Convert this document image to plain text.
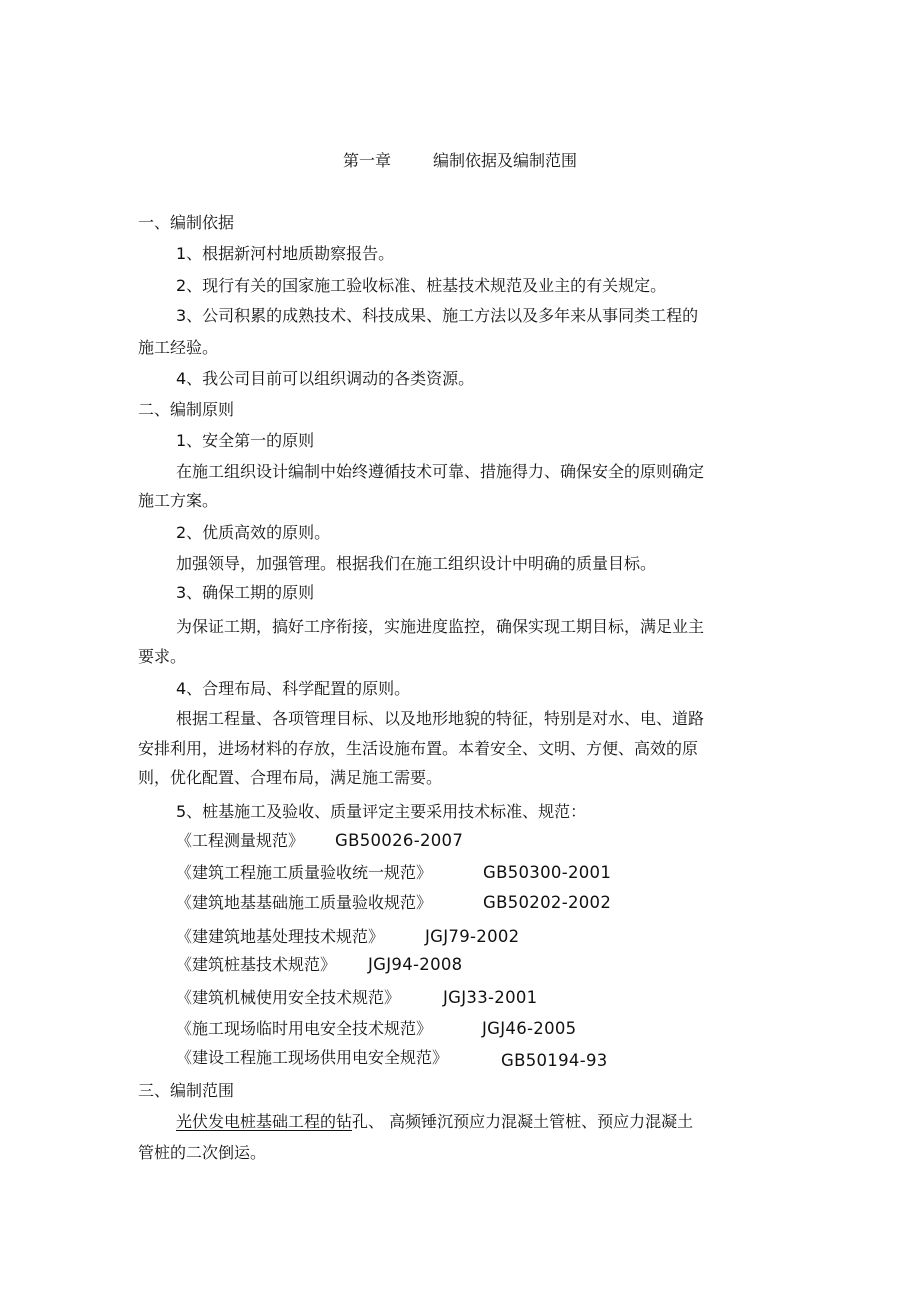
第一章	编制依据及编制范围
一、编制依据
1、根据新河村地质勘察报告。
2、现行有关的国家施工验收标准、桩基技术规范及业主的有关规定。
3、公司积累的成熟技术、科技成果、施工方法以及多年来从事同类工程的
施工经验。
4、我公司目前可以组织调动的各类资源。
二、编制原则
1、安全第一的原则
在施工组织设计编制中始终遵循技术可靠、措施得力、确保安全的原则确定
施工方案。
2、优质高效的原则。
加强领导，加强管理。根据我们在施工组织设计中明确的质量目标。
3、确保工期的原则
为保证工期，搞好工序衔接，实施进度监控，确保实现工期目标，满足业主
要求。
4、合理布局、科学配置的原则。
根据工程量、各项管理目标、以及地形地貌的特征，特别是对水、电、道路
安排利用，进场材料的存放，生活设施布置。本着安全、文明、方便、高效的原
则，优化配置、合理布局，满足施工需要。
5、桩基施工及验收、质量评定主要采用技术标准、规范：
《工程测量规范》 GB50026-2007
《建筑工程施工质量验收统一规范》	GB50300-2001
《建筑地基基础施工质量验收规范》	GB50202-2002
《建建筑地基处理技术规范》 JGJ79-2002
《建筑桩基技术规范》 JGJ94-2008
《建筑机械使用安全技术规范》	JGJ33-2001
《施工现场临时用电安全技术规范》	JGJ46-2005
《建设工程施工现场供用电安全规范》	GB50194-93
三、编制范围
光伏发电桩基础工程的钻孔、 高频锤沉预应力混凝土管桩、预应力混凝土
管桩的二次倒运。
